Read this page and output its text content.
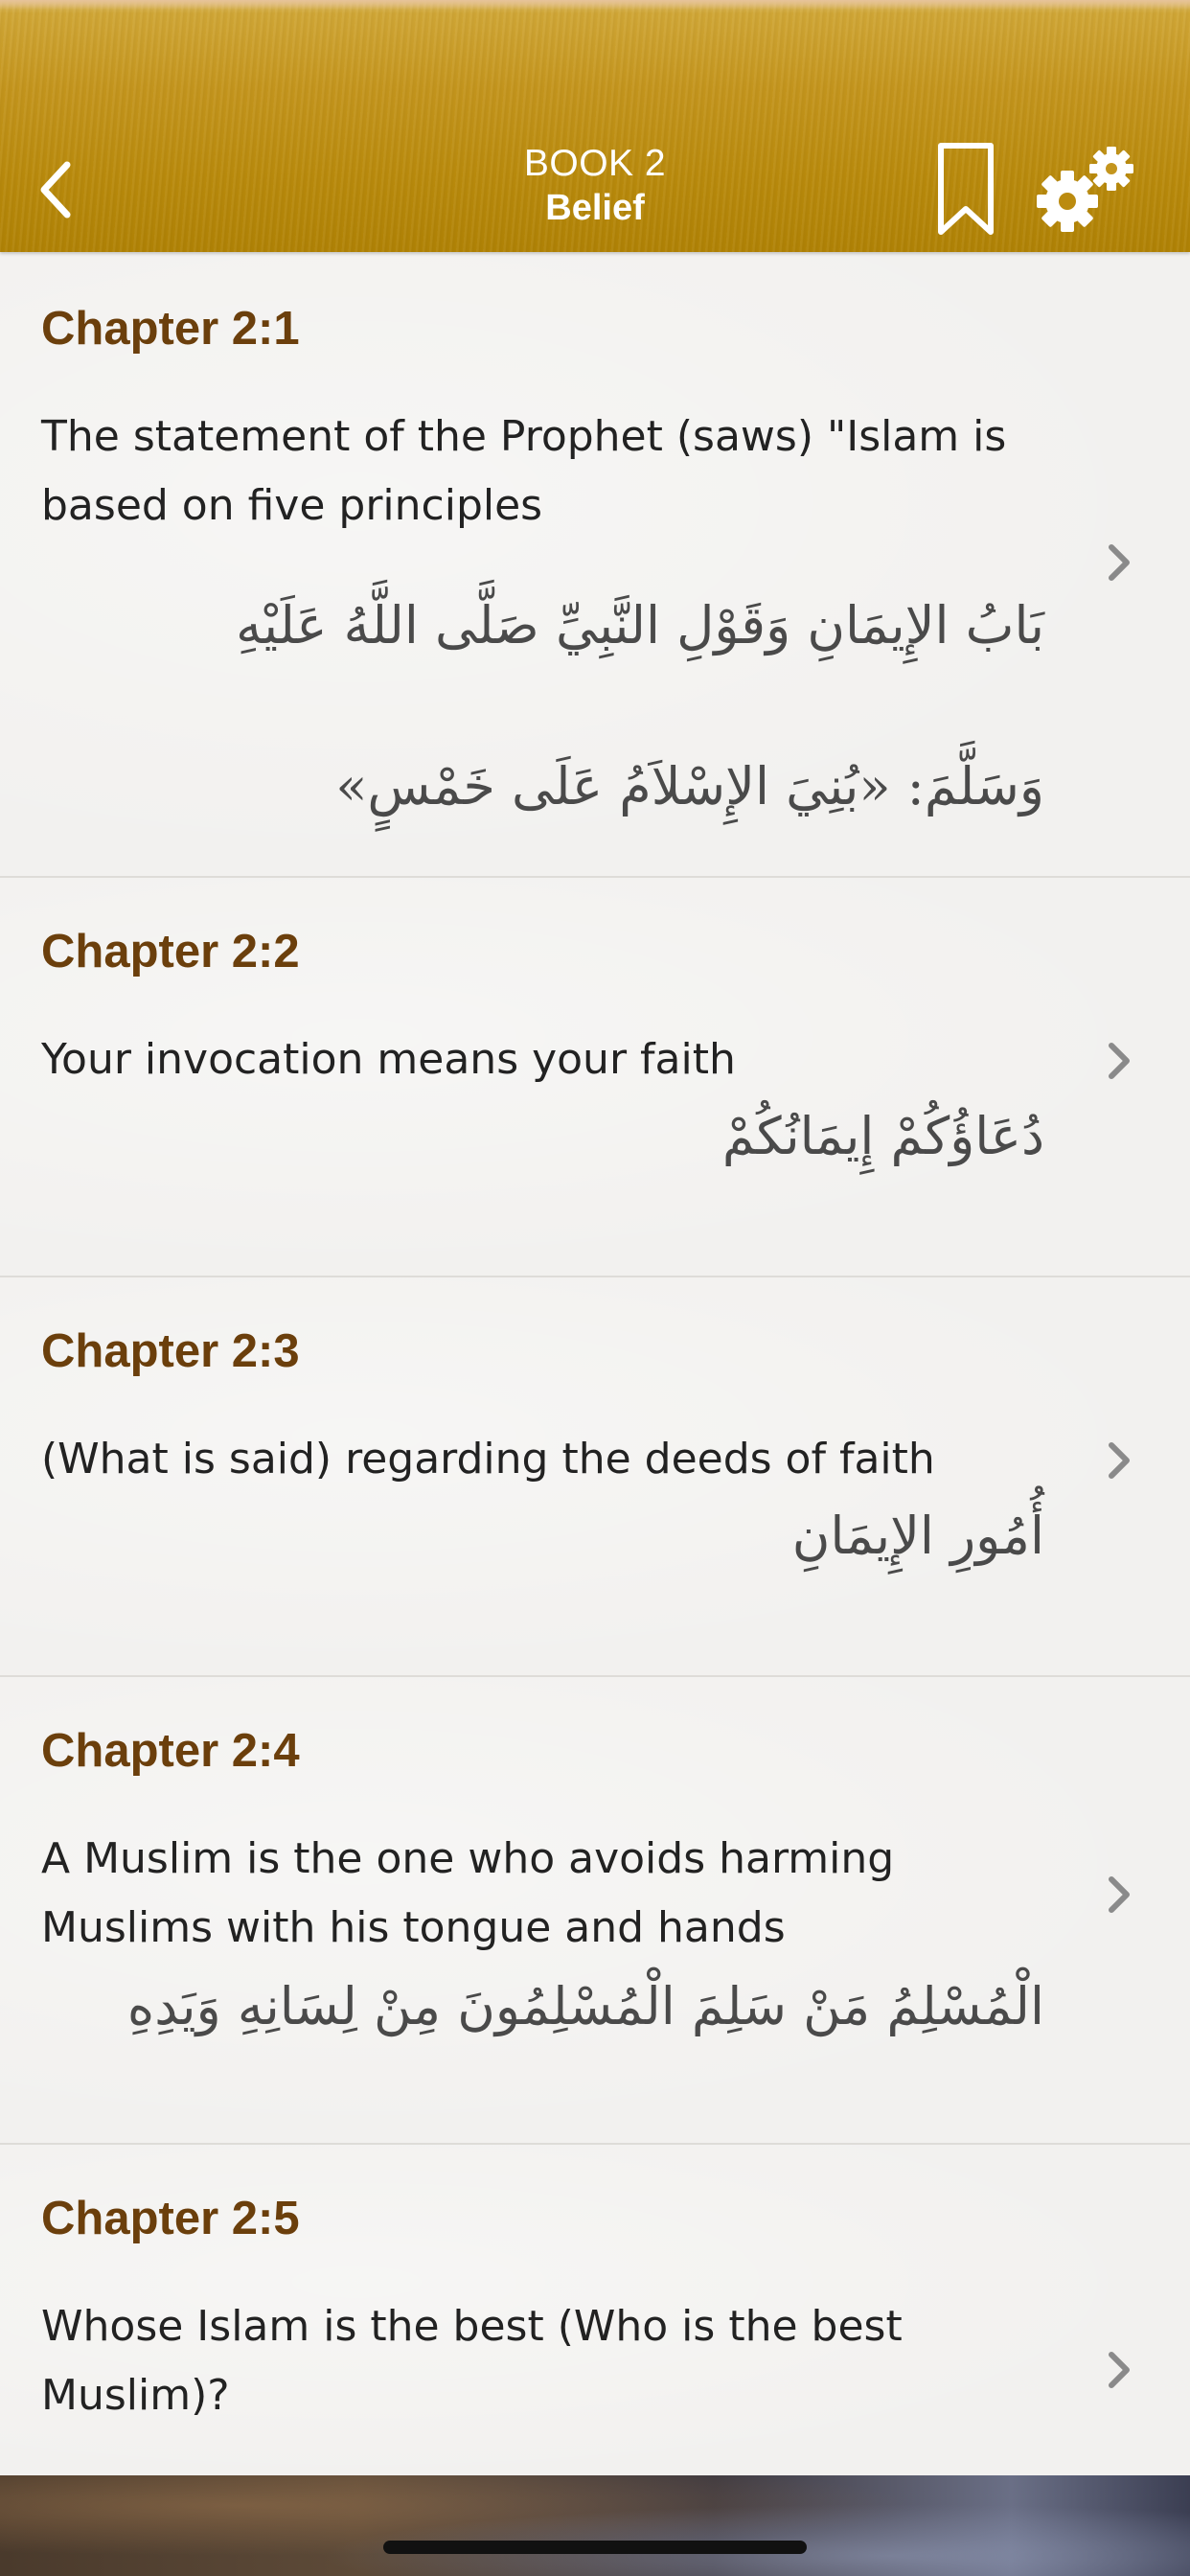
BOOK 2
Belief
Chapter 2:1
The statement of the Prophet (saws) "Islam is
based on five principles
بَابُ الإِيمَانِ وَقَوْلِ النَّبِيِّ صَلَّى اللَّهُ عَلَيْهِ
وَسَلَّمَ: «بُنِيَ الإِسْلاَمُ عَلَى خَمْسٍ»
Chapter 2:2
Your invocation means your faith
دُعَاؤُكُمْ إِيمَانُكُمْ
Chapter 2:3
(What is said) regarding the deeds of faith
أُمُورِ الإِيمَانِ
Chapter 2:4
A Muslim is the one who avoids harming
Muslims with his tongue and hands
الْمُسْلِمُ مَنْ سَلِمَ الْمُسْلِمُونَ مِنْ لِسَانِهِ وَيَدِهِ
Chapter 2:5
Whose Islam is the best (Who is the best
Muslim)?
